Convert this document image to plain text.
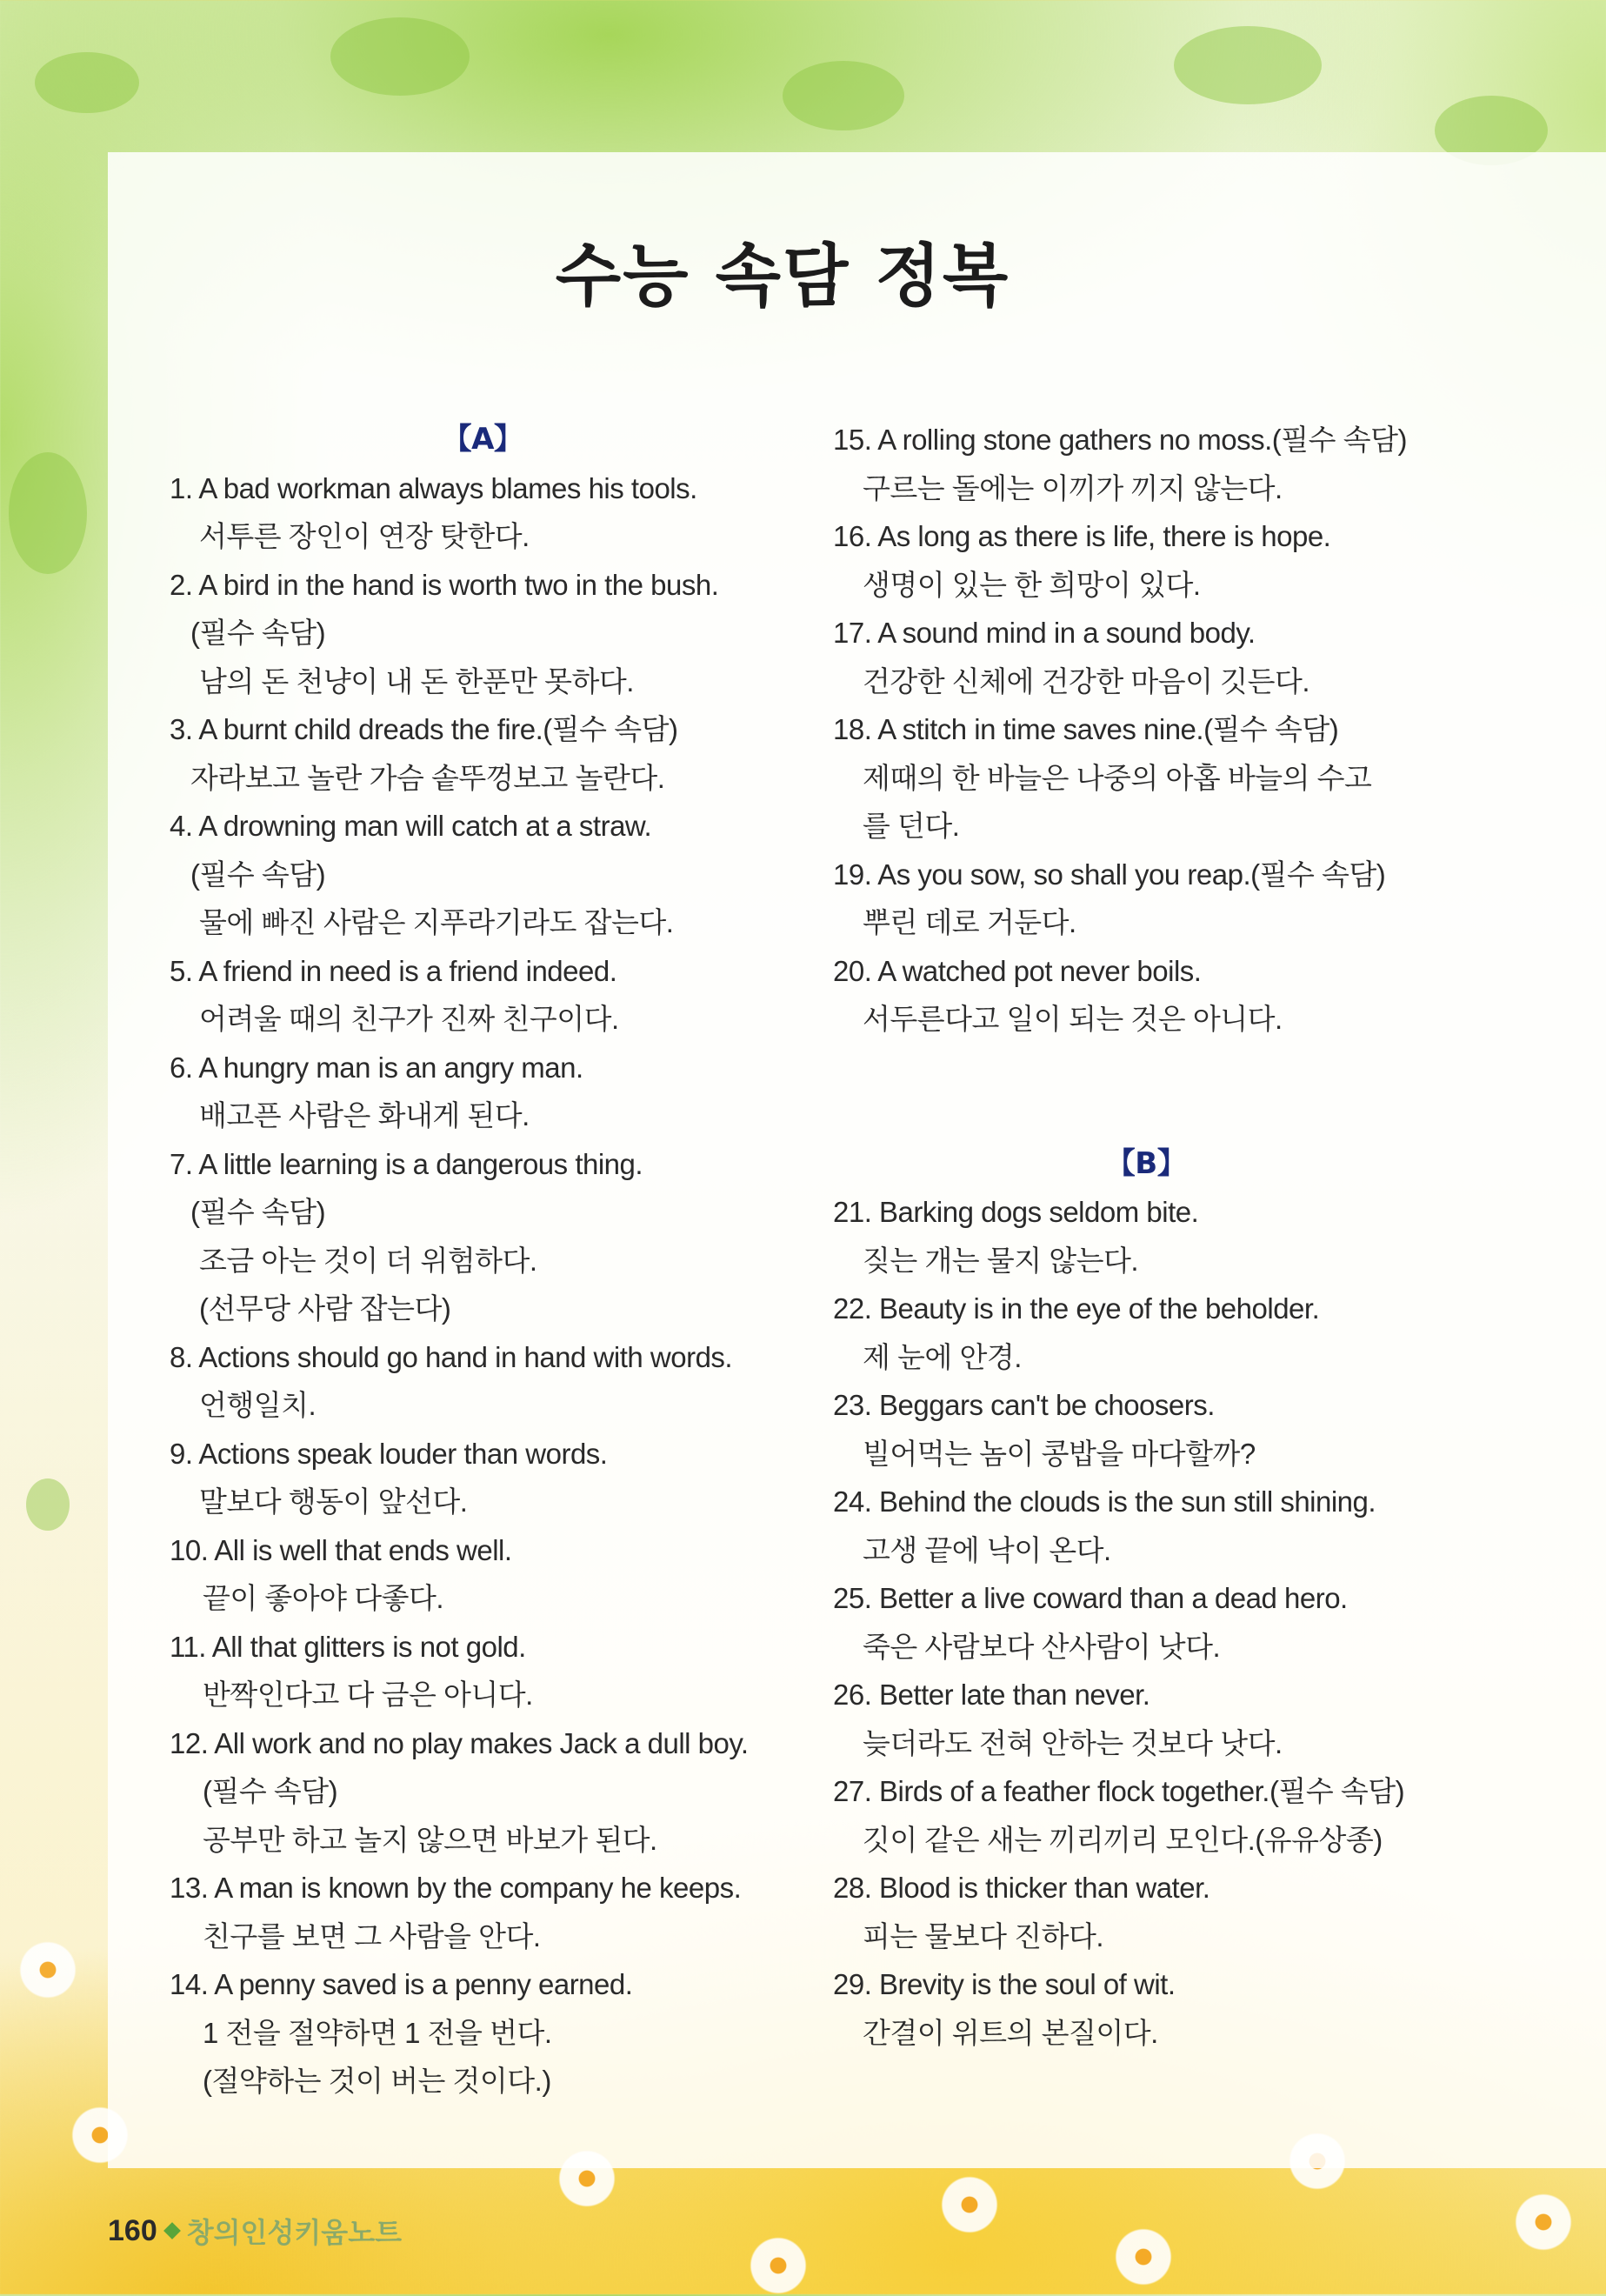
수능 속담 정복
【A】
1. A bad workman always blames his tools.
서투른 장인이 연장 탓한다.
2. A bird in the hand is worth two in the bush.
(필수 속담)
남의 돈 천냥이 내 돈 한푼만 못하다.
3. A burnt child dreads the fire.(필수 속담)
자라보고 놀란 가슴 솥뚜껑보고 놀란다.
4. A drowning man will catch at a straw.
(필수 속담)
물에 빠진 사람은 지푸라기라도 잡는다.
5. A friend in need is a friend indeed.
어려울 때의 친구가 진짜 친구이다.
6. A hungry man is an angry man.
배고픈 사람은 화내게 된다.
7. A little learning is a dangerous thing.
(필수 속담)
조금 아는 것이 더 위험하다.
(선무당 사람 잡는다)
8. Actions should go hand in hand with words.
언행일치.
9. Actions speak louder than words.
말보다 행동이 앞선다.
10. All is well that ends well.
끝이 좋아야 다좋다.
11. All that glitters is not gold.
반짝인다고 다 금은 아니다.
12. All work and no play makes Jack a dull boy.
(필수 속담)
공부만 하고 놀지 않으면 바보가 된다.
13. A man is known by the company he keeps.
친구를 보면 그 사람을 안다.
14. A penny saved is a penny earned.
1 전을 절약하면 1 전을 번다.
(절약하는 것이 버는 것이다.)
15. A rolling stone gathers no moss.(필수 속담)
구르는 돌에는 이끼가 끼지 않는다.
16. As long as there is life, there is hope.
생명이 있는 한 희망이 있다.
17. A sound mind in a sound body.
건강한 신체에 건강한 마음이 깃든다.
18. A stitch in time saves nine.(필수 속담)
제때의 한 바늘은 나중의 아홉 바늘의 수고
를 던다.
19. As you sow, so shall you reap.(필수 속담)
뿌린 데로 거둔다.
20. A watched pot never boils.
서두른다고 일이 되는 것은 아니다.
【B】
21. Barking dogs seldom bite.
짖는 개는 물지 않는다.
22. Beauty is in the eye of the beholder.
제 눈에 안경.
23. Beggars can't be choosers.
빌어먹는 놈이 콩밥을 마다할까?
24. Behind the clouds is the sun still shining.
고생 끝에 낙이 온다.
25. Better a live coward than a dead hero.
죽은 사람보다 산사람이 낫다.
26. Better late than never.
늦더라도 전혀 안하는 것보다 낫다.
27. Birds of a feather flock together.(필수 속담)
깃이 같은 새는 끼리끼리 모인다.(유유상종)
28. Blood is thicker than water.
피는 물보다 진하다.
29. Brevity is the soul of wit.
간결이 위트의 본질이다.
160 창의인성키움노트
